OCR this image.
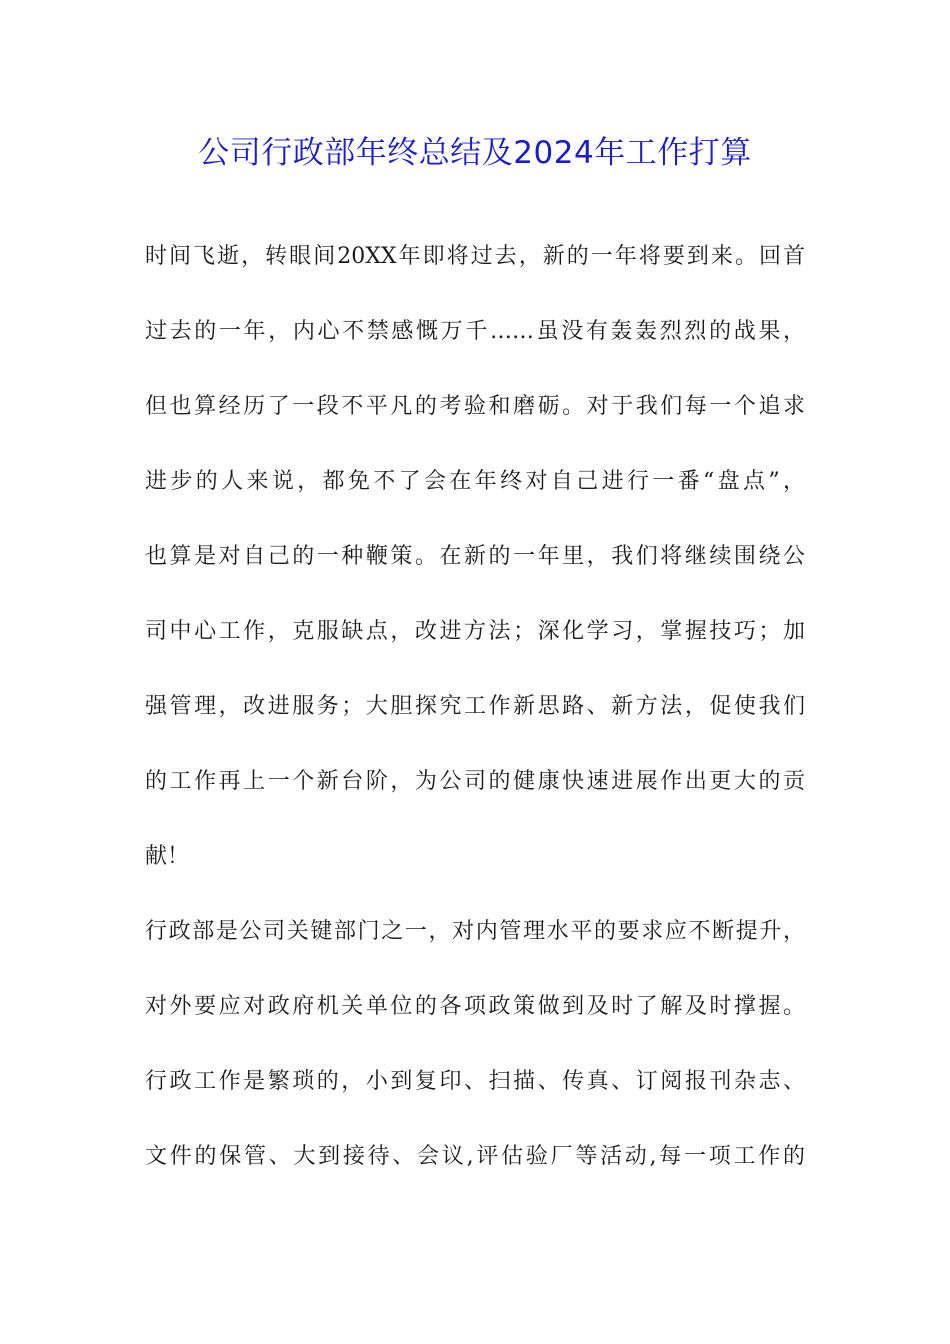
公司行政部年终总结及2024年工作打算
时间飞逝，转眼间20XX年即将过去，新的一年将要到来。回首
过去的一年，内心不禁感慨万千……虽没有轰轰烈烈的战果，
但也算经历了一段不平凡的考验和磨砺。对于我们每一个追求
进步的人来说，都免不了会在年终对自己进行一番“盘点”，
也算是对自己的一种鞭策。在新的一年里，我们将继续围绕公
司中心工作，克服缺点，改进方法；深化学习，掌握技巧；加
强管理，改进服务；大胆探究工作新思路、新方法，促使我们
的工作再上一个新台阶，为公司的健康快速进展作出更大的贡
献！
行政部是公司关键部门之一，对内管理水平的要求应不断提升，
对外要应对政府机关单位的各项政策做到及时了解及时撑握。
行政工作是繁琐的，小到复印、扫描、传真、订阅报刊杂志、
文件的保管、大到接待、会议,评估验厂等活动,每一项工作的
